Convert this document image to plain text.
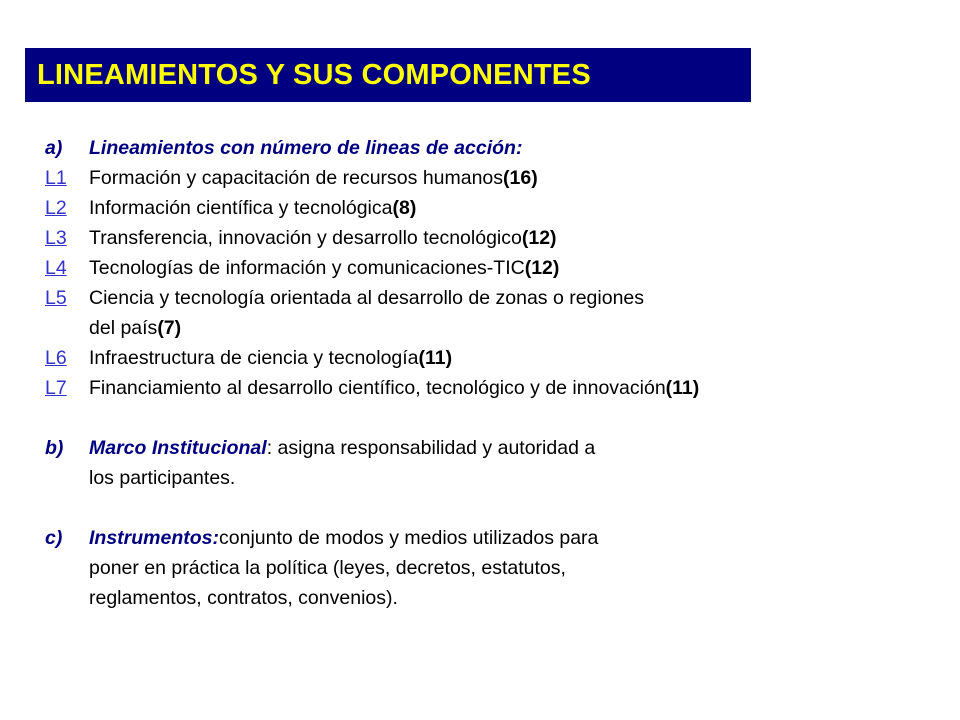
LINEAMIENTOS Y SUS COMPONENTES
a)	Lineamientos con número de lineas de acción:
L1	Formación y capacitación de recursos humanos (16)
L2	Información científica y tecnológica (8)
L3	Transferencia, innovación y desarrollo tecnológico (12)
L4	Tecnologías de información y comunicaciones-TIC (12)
L5	Ciencia y tecnología orientada al desarrollo de zonas o regiones
del país (7)
L6	Infraestructura de ciencia y tecnología (11)
L7	Financiamiento al desarrollo científico, tecnológico y de innovación (11)
b)	Marco Institucional : asigna responsabilidad y autoridad a
los participantes.
c)	Instrumentos: conjunto de modos y medios utilizados para
poner en práctica la política (leyes, decretos, estatutos,
reglamentos, contratos, convenios).
